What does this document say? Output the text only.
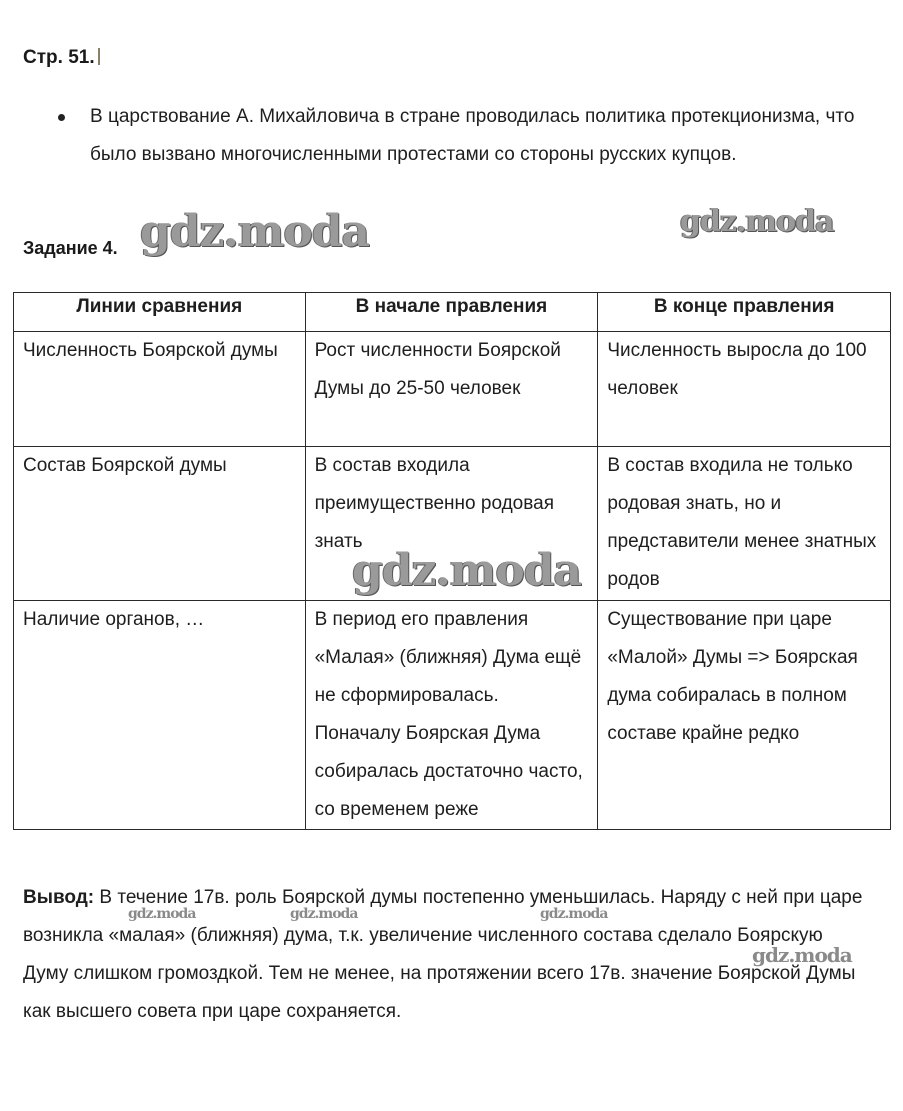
Стр. 51.
В царствование А. Михайловича в стране проводилась политика протекционизма, что было вызвано многочисленными протестами со стороны русских купцов.
Задание 4.
Линии сравнения	В начале правления	В конце правления
Численность Боярской думы	Рост численности Боярской Думы до 25-50 человек	Численность выросла до 100 человек
Состав Боярской думы	В состав входила преимущественно родовая знать	В состав входила не только родовая знать, но и представители менее знатных родов
Наличие органов, …	В период его правления «Малая» (ближняя) Дума ещё не сформировалась. Поначалу Боярская Дума собиралась достаточно часто, со временем реже	Существование при царе «Малой» Думы => Боярская дума собиралась в полном составе крайне редко
Вывод: В течение 17в. роль Боярской думы постепенно уменьшилась. Наряду с ней при царе возникла «малая» (ближняя) дума, т.к. увеличение численного состава сделало Боярскую Думу слишком громоздкой. Тем не менее, на протяжении всего 17в. значение Боярской Думы как высшего совета при царе сохраняется.
gdz.moda	gdz.moda
gdz.moda
gdz.moda	gdz.moda	gdz.moda
gdz.moda
